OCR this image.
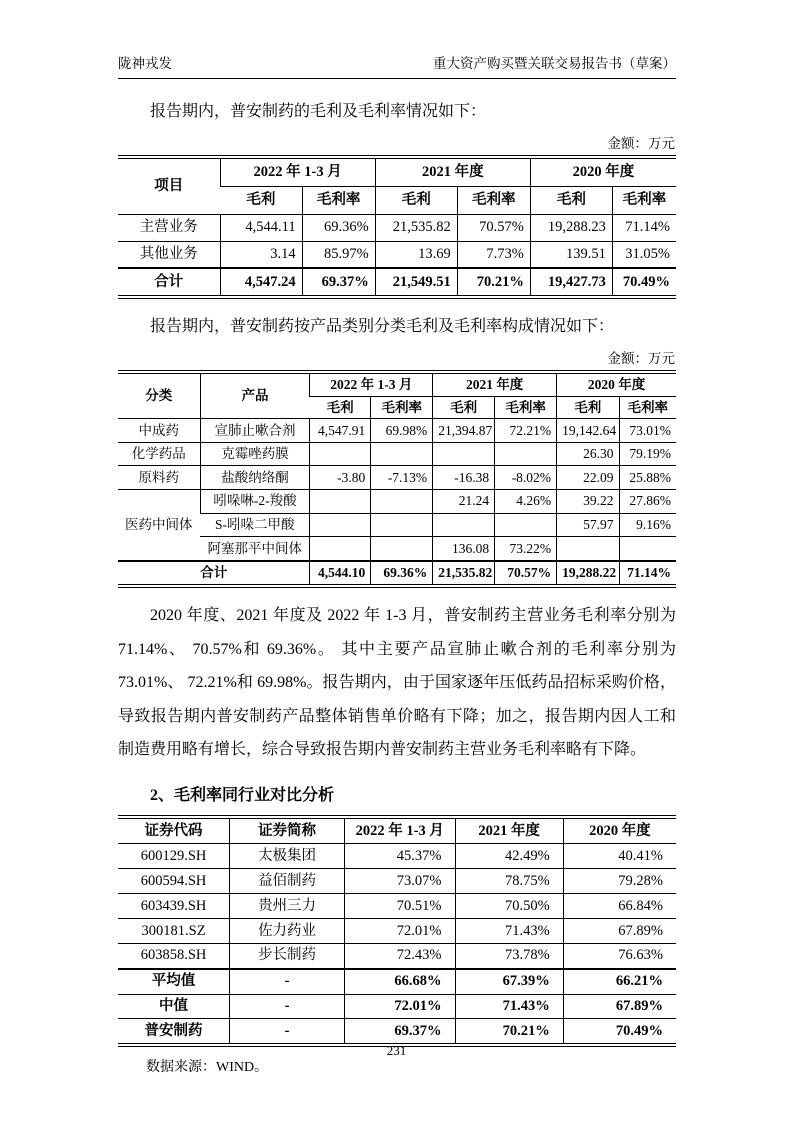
陇神戎发	重大资产购买暨关联交易报告书（草案）

报告期内，普安制药的毛利及毛利率情况如下：

金额：万元
项目	2022 年 1-3 月		2021 年度		2020 年度	
	毛利	毛利率	毛利	毛利率	毛利	毛利率
主营业务	4,544.11	69.36%	21,535.82	70.57%	19,288.23	71.14%
其他业务	3.14	85.97%	13.69	7.73%	139.51	31.05%
合计	4,547.24	69.37%	21,549.51	70.21%	19,427.73	70.49%

报告期内，普安制药按产品类别分类毛利及毛利率构成情况如下：

金额：万元
分类	产品	2022 年 1-3 月		2021 年度		2020 年度	
		毛利	毛利率	毛利	毛利率	毛利	毛利率
中成药	宣肺止嗽合剂	4,547.91	69.98%	21,394.87	72.21%	19,142.64	73.01%
化学药品	克霉唑药膜					26.30	79.19%
原料药	盐酸纳络酮	-3.80	-7.13%	-16.38	-8.02%	22.09	25.88%
医药中间体	吲哚啉-2-羧酸			21.24	4.26%	39.22	27.86%
	S-吲哚二甲酸					57.97	9.16%
	阿塞那平中间体			136.08	73.22%		
合计		4,544.10	69.36%	21,535.82	70.57%	19,288.22	71.14%

2020 年度、2021 年度及 2022 年 1-3 月，普安制药主营业务毛利率分别为 71.14%、 70.57%和 69.36%。 其中主要产品宣肺止嗽合剂的毛利率分别为 73.01%、 72.21%和 69.98%。报告期内，由于国家逐年压低药品招标采购价格，导致报告期内普安制药产品整体销售单价略有下降；加之，报告期内因人工和制造费用略有增长，综合导致报告期内普安制药主营业务毛利率略有下降。

2、毛利率同行业对比分析
证券代码	证券简称	2022 年 1-3 月	2021 年度	2020 年度
600129.SH	太极集团	45.37%	42.49%	40.41%
600594.SH	益佰制药	73.07%	78.75%	79.28%
603439.SH	贵州三力	70.51%	70.50%	66.84%
300181.SZ	佐力药业	72.01%	71.43%	67.89%
603858.SH	步长制药	72.43%	73.78%	76.63%
平均值	-	66.68%	67.39%	66.21%
中值	-	72.01%	71.43%	67.89%
普安制药	-	69.37%	70.21%	70.49%
数据来源：WIND。
231
